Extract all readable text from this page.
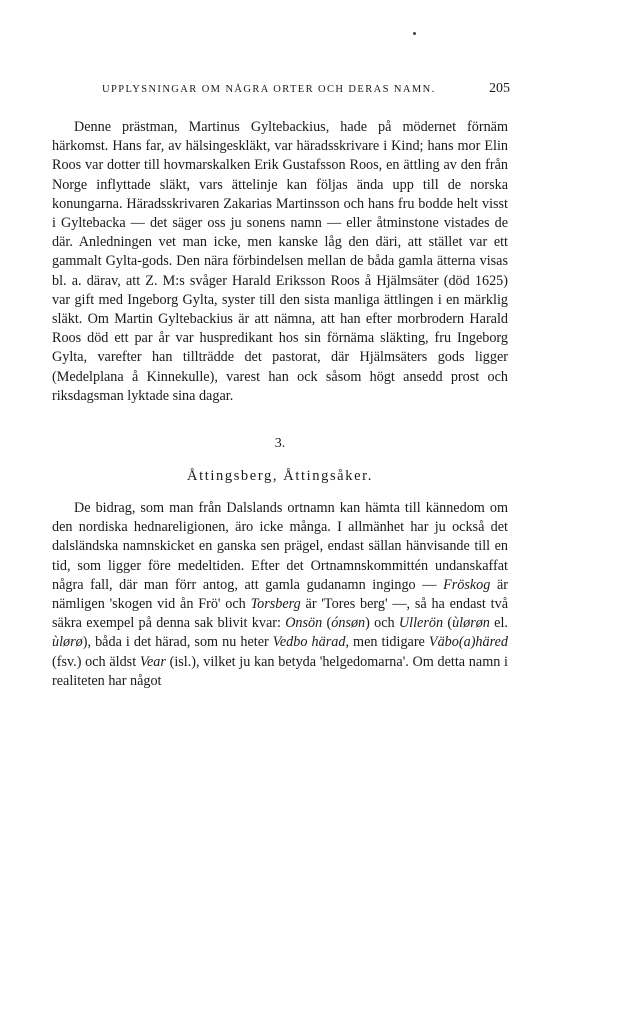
UPPLYSNINGAR OM NÅGRA ORTER OCH DERAS NAMN.	205

Denne prästman, Martinus Gyltebackius, hade på mödernet förnäm härkomst. Hans far, av hälsingeskläkt, var häradsskrivare i Kind; hans mor Elin Roos var dotter till hovmarskalken Erik Gustafsson Roos, en ättling av den från Norge inflyttade släkt, vars ättelinje kan följas ända upp till de norska konungarna. Häradsskrivaren Zakarias Martinsson och hans fru bodde helt visst i Gyltebacka — det säger oss ju sonens namn — eller åtminstone vistades de där. Anledningen vet man icke, men kanske låg den däri, att stället var ett gammalt Gylta-gods. Den nära förbindelsen mellan de båda gamla ätterna visas bl. a. därav, att Z. M:s svåger Harald Eriksson Roos å Hjälmsäter (död 1625) var gift med Ingeborg Gylta, syster till den sista manliga ättlingen i en märklig släkt. Om Martin Gyltebackius är att nämna, att han efter morbrodern Harald Roos död ett par år var huspredikant hos sin förnäma släkting, fru Ingeborg Gylta, varefter han tillträdde det pastorat, där Hjälmsäters gods ligger (Medelplana å Kinnekulle), varest han ock såsom högt ansedd prost och riksdagsman lyktade sina dagar.

3.
Åttingsberg, Åttingsåker.

De bidrag, som man från Dalslands ortnamn kan hämta till kännedom om den nordiska hednareligionen, äro icke många. I allmänhet har ju också det dalsländska namnskicket en ganska sen prägel, endast sällan hänvisande till en tid, som ligger före medeltiden. Efter det Ortnamnskommittén undanskaffat några fall, där man förr antog, att gamla gudanamn ingingo — Fröskog är nämligen 'skogen vid ån Frö' och Torsberg är 'Tores berg' —, så ha endast två säkra exempel på denna sak blivit kvar: Onsön (ónsøn) och Ullerön (ùlørøn el. ùlørø), båda i det härad, som nu heter Vedbo härad, men tidigare Väbo(a)häred (fsv.) och äldst Vear (isl.), vilket ju kan betyda 'helgedomarna'. Om detta namn i realiteten har något
